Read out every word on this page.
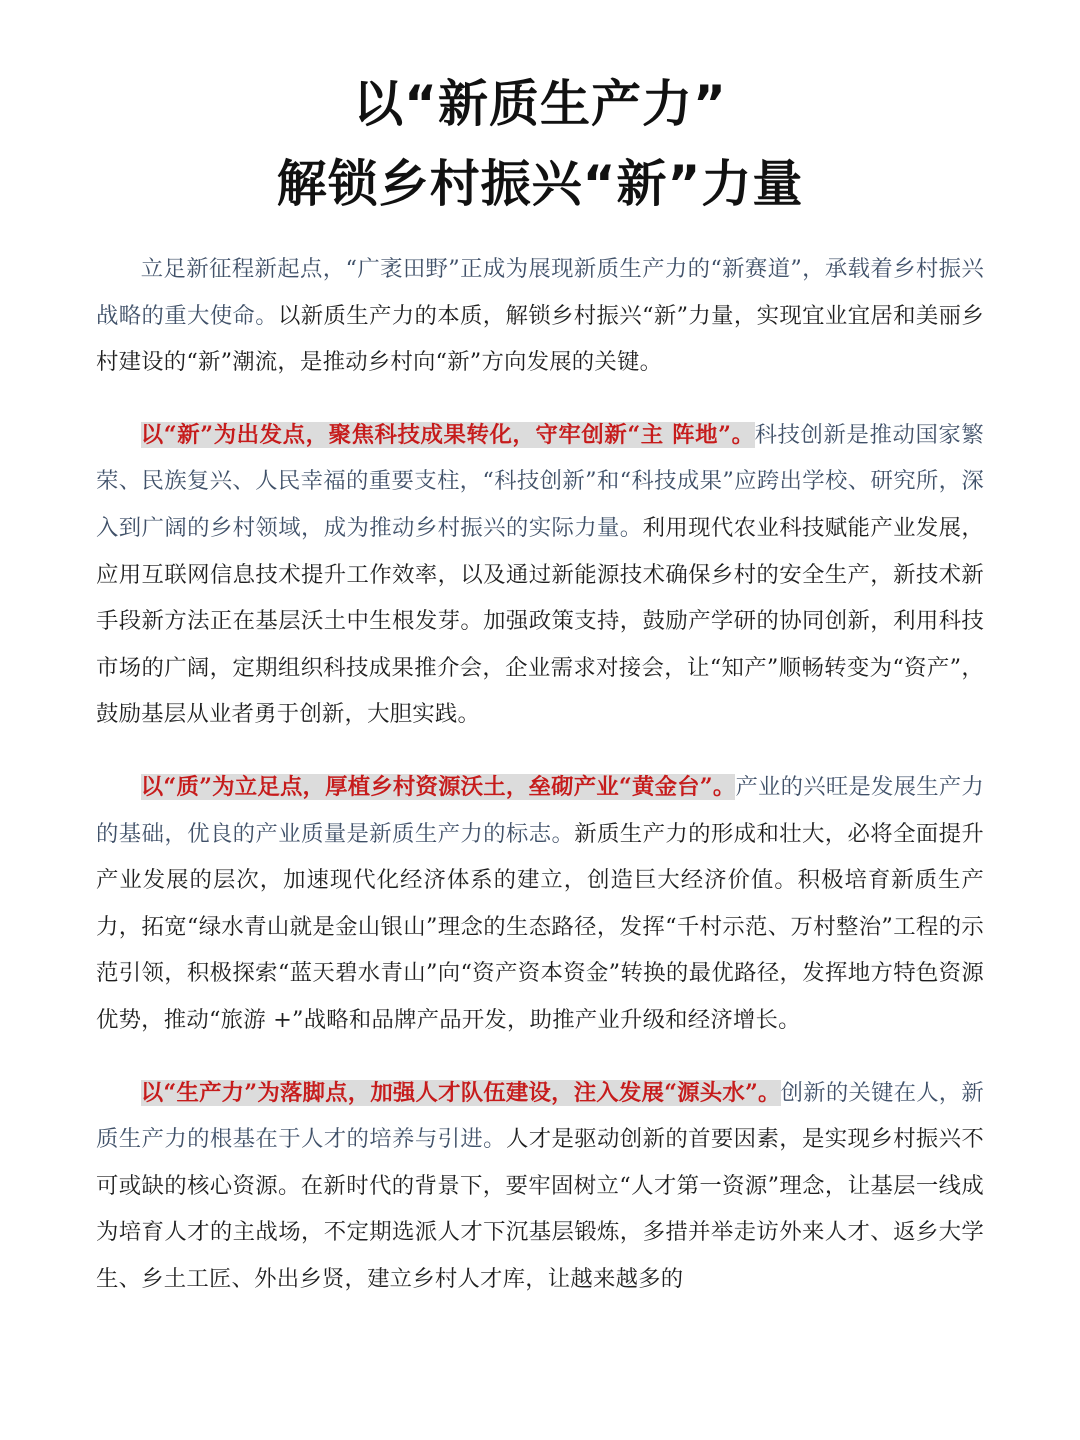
以“新质生产力”
解锁乡村振兴“新”力量

立足新征程新起点，“广袤田野”正成为展现新质生产力的“新赛道”，承载着乡村振兴战略的重大使命。以新质生产力的本质，解锁乡村振兴“新”力量，实现宜业宜居和美丽乡村建设的“新”潮流，是推动乡村向“新”方向发展的关键。

以“新”为出发点，聚焦科技成果转化，守牢创新“主 阵地”。科技创新是推动国家繁荣、民族复兴、人民幸福的重要支柱，“科技创新”和“科技成果”应跨出学校、研究所，深入到广阔的乡村领域，成为推动乡村振兴的实际力量。利用现代农业科技赋能产业发展，应用互联网信息技术提升工作效率，以及通过新能源技术确保乡村的安全生产，新技术新手段新方法正在基层沃土中生根发芽。加强政策支持，鼓励产学研的协同创新，利用科技市场的广阔，定期组织科技成果推介会，企业需求对接会，让“知产”顺畅转变为“资产”，鼓励基层从业者勇于创新，大胆实践。

以“质”为立足点，厚植乡村资源沃土，垒砌产业“黄金台”。产业的兴旺是发展生产力的基础，优良的产业质量是新质生产力的标志。新质生产力的形成和壮大，必将全面提升产业发展的层次，加速现代化经济体系的建立，创造巨大经济价值。积极培育新质生产力，拓宽“绿水青山就是金山银山”理念的生态路径，发挥“千村示范、万村整治”工程的示范引领，积极探索“蓝天碧水青山”向“资产资本资金”转换的最优路径，发挥地方特色资源优势，推动“旅游 +”战略和品牌产品开发，助推产业升级和经济增长。

以“生产力”为落脚点，加强人才队伍建设，注入发展“源头水”。创新的关键在人，新质生产力的根基在于人才的培养与引进。人才是驱动创新的首要因素，是实现乡村振兴不可或缺的核心资源。在新时代的背景下，要牢固树立“人才第一资源”理念，让基层一线成为培育人才的主战场，不定期选派人才下沉基层锻炼，多措并举走访外来人才、返乡大学生、乡土工匠、外出乡贤，建立乡村人才库，让越来越多的
